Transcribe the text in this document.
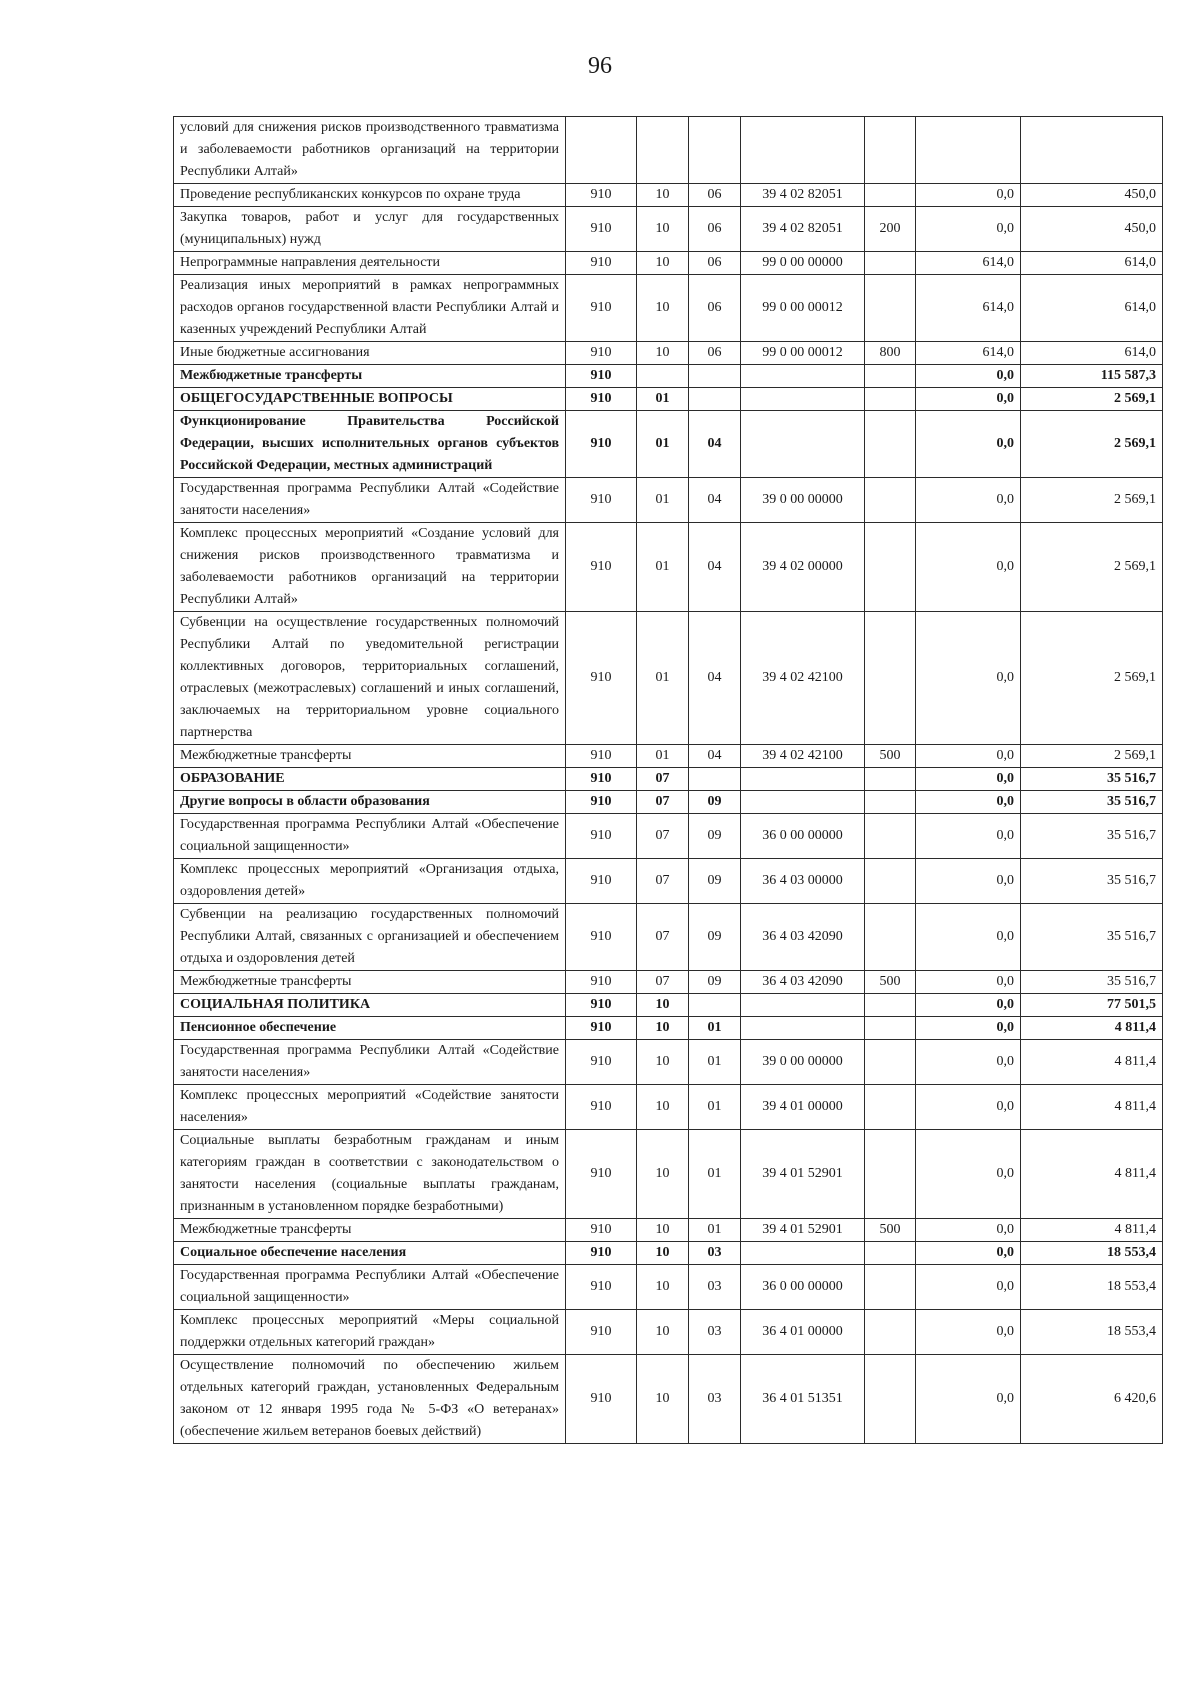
96
условий для снижения рисков производственного травматизма и заболеваемости работников организаций на территории Республики Алтай»							
Проведение республиканских конкурсов по охране труда	910	10	06	39 4 02 82051		0,0	450,0
Закупка товаров, работ и услуг для государственных (муниципальных) нужд	910	10	06	39 4 02 82051	200	0,0	450,0
Непрограммные направления деятельности	910	10	06	99 0 00 00000		614,0	614,0
Реализация иных мероприятий в рамках непрограммных расходов органов государственной власти Республики Алтай и казенных учреждений Республики Алтай	910	10	06	99 0 00 00012		614,0	614,0
Иные бюджетные ассигнования	910	10	06	99 0 00 00012	800	614,0	614,0
Межбюджетные трансферты	910					0,0	115 587,3
ОБЩЕГОСУДАРСТВЕННЫЕ ВОПРОСЫ	910	01				0,0	2 569,1
Функционирование Правительства Российской Федерации, высших исполнительных органов субъектов Российской Федерации, местных администраций	910	01	04			0,0	2 569,1
Государственная программа Республики Алтай «Содействие занятости населения»	910	01	04	39 0 00 00000		0,0	2 569,1
Комплекс процессных мероприятий «Создание условий для снижения рисков производственного травматизма и заболеваемости работников организаций на территории Республики Алтай»	910	01	04	39 4 02 00000		0,0	2 569,1
Субвенции на осуществление государственных полномочий Республики Алтай по уведомительной регистрации коллективных договоров, территориальных соглашений, отраслевых (межотраслевых) соглашений и иных соглашений, заключаемых на территориальном уровне социального партнерства	910	01	04	39 4 02 42100		0,0	2 569,1
Межбюджетные трансферты	910	01	04	39 4 02 42100	500	0,0	2 569,1
ОБРАЗОВАНИЕ	910	07				0,0	35 516,7
Другие вопросы в области образования	910	07	09			0,0	35 516,7
Государственная программа Республики Алтай «Обеспечение социальной защищенности»	910	07	09	36 0 00 00000		0,0	35 516,7
Комплекс процессных мероприятий «Организация отдыха, оздоровления детей»	910	07	09	36 4 03 00000		0,0	35 516,7
Субвенции на реализацию государственных полномочий Республики Алтай, связанных с организацией и обеспечением отдыха и оздоровления детей	910	07	09	36 4 03 42090		0,0	35 516,7
Межбюджетные трансферты	910	07	09	36 4 03 42090	500	0,0	35 516,7
СОЦИАЛЬНАЯ ПОЛИТИКА	910	10				0,0	77 501,5
Пенсионное обеспечение	910	10	01			0,0	4 811,4
Государственная программа Республики Алтай «Содействие занятости населения»	910	10	01	39 0 00 00000		0,0	4 811,4
Комплекс процессных мероприятий «Содействие занятости населения»	910	10	01	39 4 01 00000		0,0	4 811,4
Социальные выплаты безработным гражданам и иным категориям граждан в соответствии с законодательством о занятости населения (социальные выплаты гражданам, признанным в установленном порядке безработными)	910	10	01	39 4 01 52901		0,0	4 811,4
Межбюджетные трансферты	910	10	01	39 4 01 52901	500	0,0	4 811,4
Социальное обеспечение населения	910	10	03			0,0	18 553,4
Государственная программа Республики Алтай «Обеспечение социальной защищенности»	910	10	03	36 0 00 00000		0,0	18 553,4
Комплекс процессных мероприятий «Меры социальной поддержки отдельных категорий граждан»	910	10	03	36 4 01 00000		0,0	18 553,4
Осуществление полномочий по обеспечению жильем отдельных категорий граждан, установленных Федеральным законом от 12 января 1995 года № 5-ФЗ «О ветеранах» (обеспечение жильем ветеранов боевых действий)	910	10	03	36 4 01 51351		0,0	6 420,6
